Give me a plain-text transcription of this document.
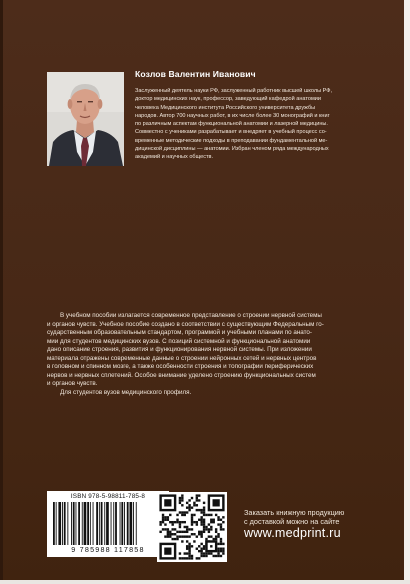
Козлов Валентин Иванович

Заслуженный деятель науки РФ, заслуженный работник высшей школы РФ,
доктор медицинских наук, профессор, заведующий кафедрой анатомии
человека Медицинского института Российского университета дружбы
народов. Автор 700 научных работ, в их числе более 30 монографий и книг
по различным аспектам функциональной анатомии и лазерной медицины.
Совместно с учениками разрабатывает и внедряет в учебный процесс со-
временные методические подходы в преподавании фундаментальной ме-
дицинской дисциплины — анатомии. Избран членом ряда международных
академий и научных обществ.

В учебном пособии излагается современное представление о строении нервной системы
и органов чувств. Учебное пособие создано в соответствии с существующим Федеральным го-
сударственным образовательным стандартом, программой и учебными планами по анато-
мии для студентов медицинских вузов. С позиций системной и функциональной анатомии
дано описание строения, развития и функционирования нервной системы. При изложении
материала отражены современные данные о строении нейронных сетей и нервных центров
в головном и спинном мозге, а также особенности строения и топографии периферических
нервов и нервных сплетений. Особое внимание уделено строению функциональных систем
и органов чувств.
Для студентов вузов медицинского профиля.
ISBN 978-5-98811-785-8
9 785988 117858
Заказать книжную продукцию
с доставкой можно на сайте
www.medprint.ru
